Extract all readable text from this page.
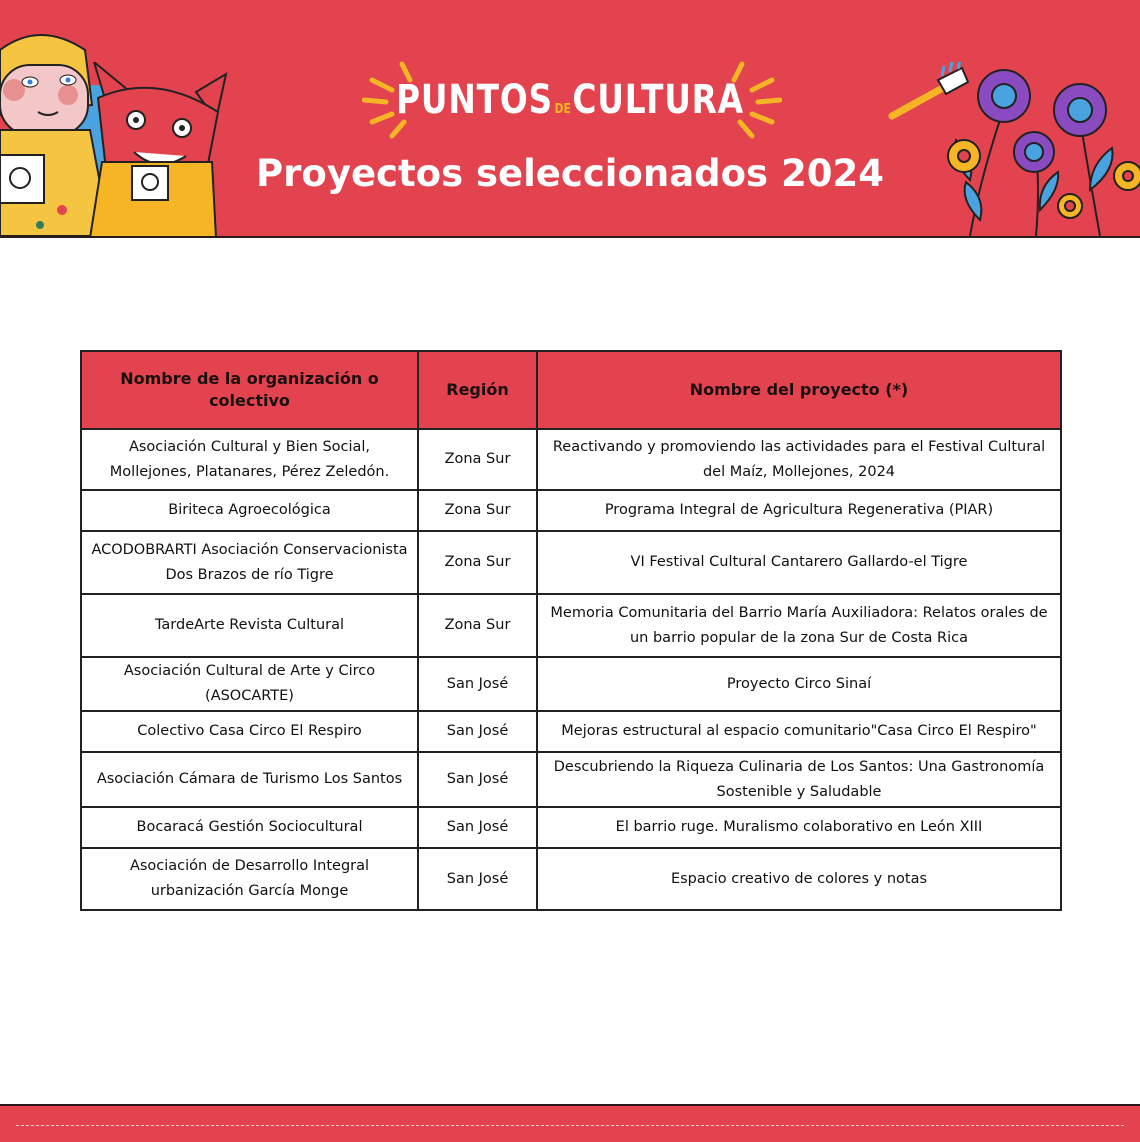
PUNTOS DECULTURA
Proyectos seleccionados 2024
Nombre de la organización o colectivo	Región	Nombre del proyecto (*)
Asociación Cultural y Bien Social, Mollejones, Platanares, Pérez Zeledón.	Zona Sur	Reactivando y promoviendo las actividades para el Festival Cultural del Maíz, Mollejones, 2024
Biriteca Agroecológica	Zona Sur	Programa Integral de Agricultura Regenerativa (PIAR)
ACODOBRARTI Asociación Conservacionista Dos Brazos de río Tigre	Zona Sur	VI Festival Cultural Cantarero Gallardo-el Tigre
TardeArte Revista Cultural	Zona Sur	Memoria Comunitaria del Barrio María Auxiliadora: Relatos orales de un barrio popular de la zona Sur de Costa Rica
Asociación Cultural de Arte y Circo (ASOCARTE)	San José	Proyecto Circo Sinaí
Colectivo Casa Circo El Respiro	San José	Mejoras estructural al espacio comunitario"Casa Circo El Respiro"
Asociación Cámara de Turismo Los Santos	San José	Descubriendo la Riqueza Culinaria de Los Santos: Una Gastronomía Sostenible y Saludable
Bocaracá Gestión Sociocultural	San José	El barrio ruge. Muralismo colaborativo en León XIII
Asociación de Desarrollo Integral urbanización García Monge	San José	Espacio creativo de colores y notas
